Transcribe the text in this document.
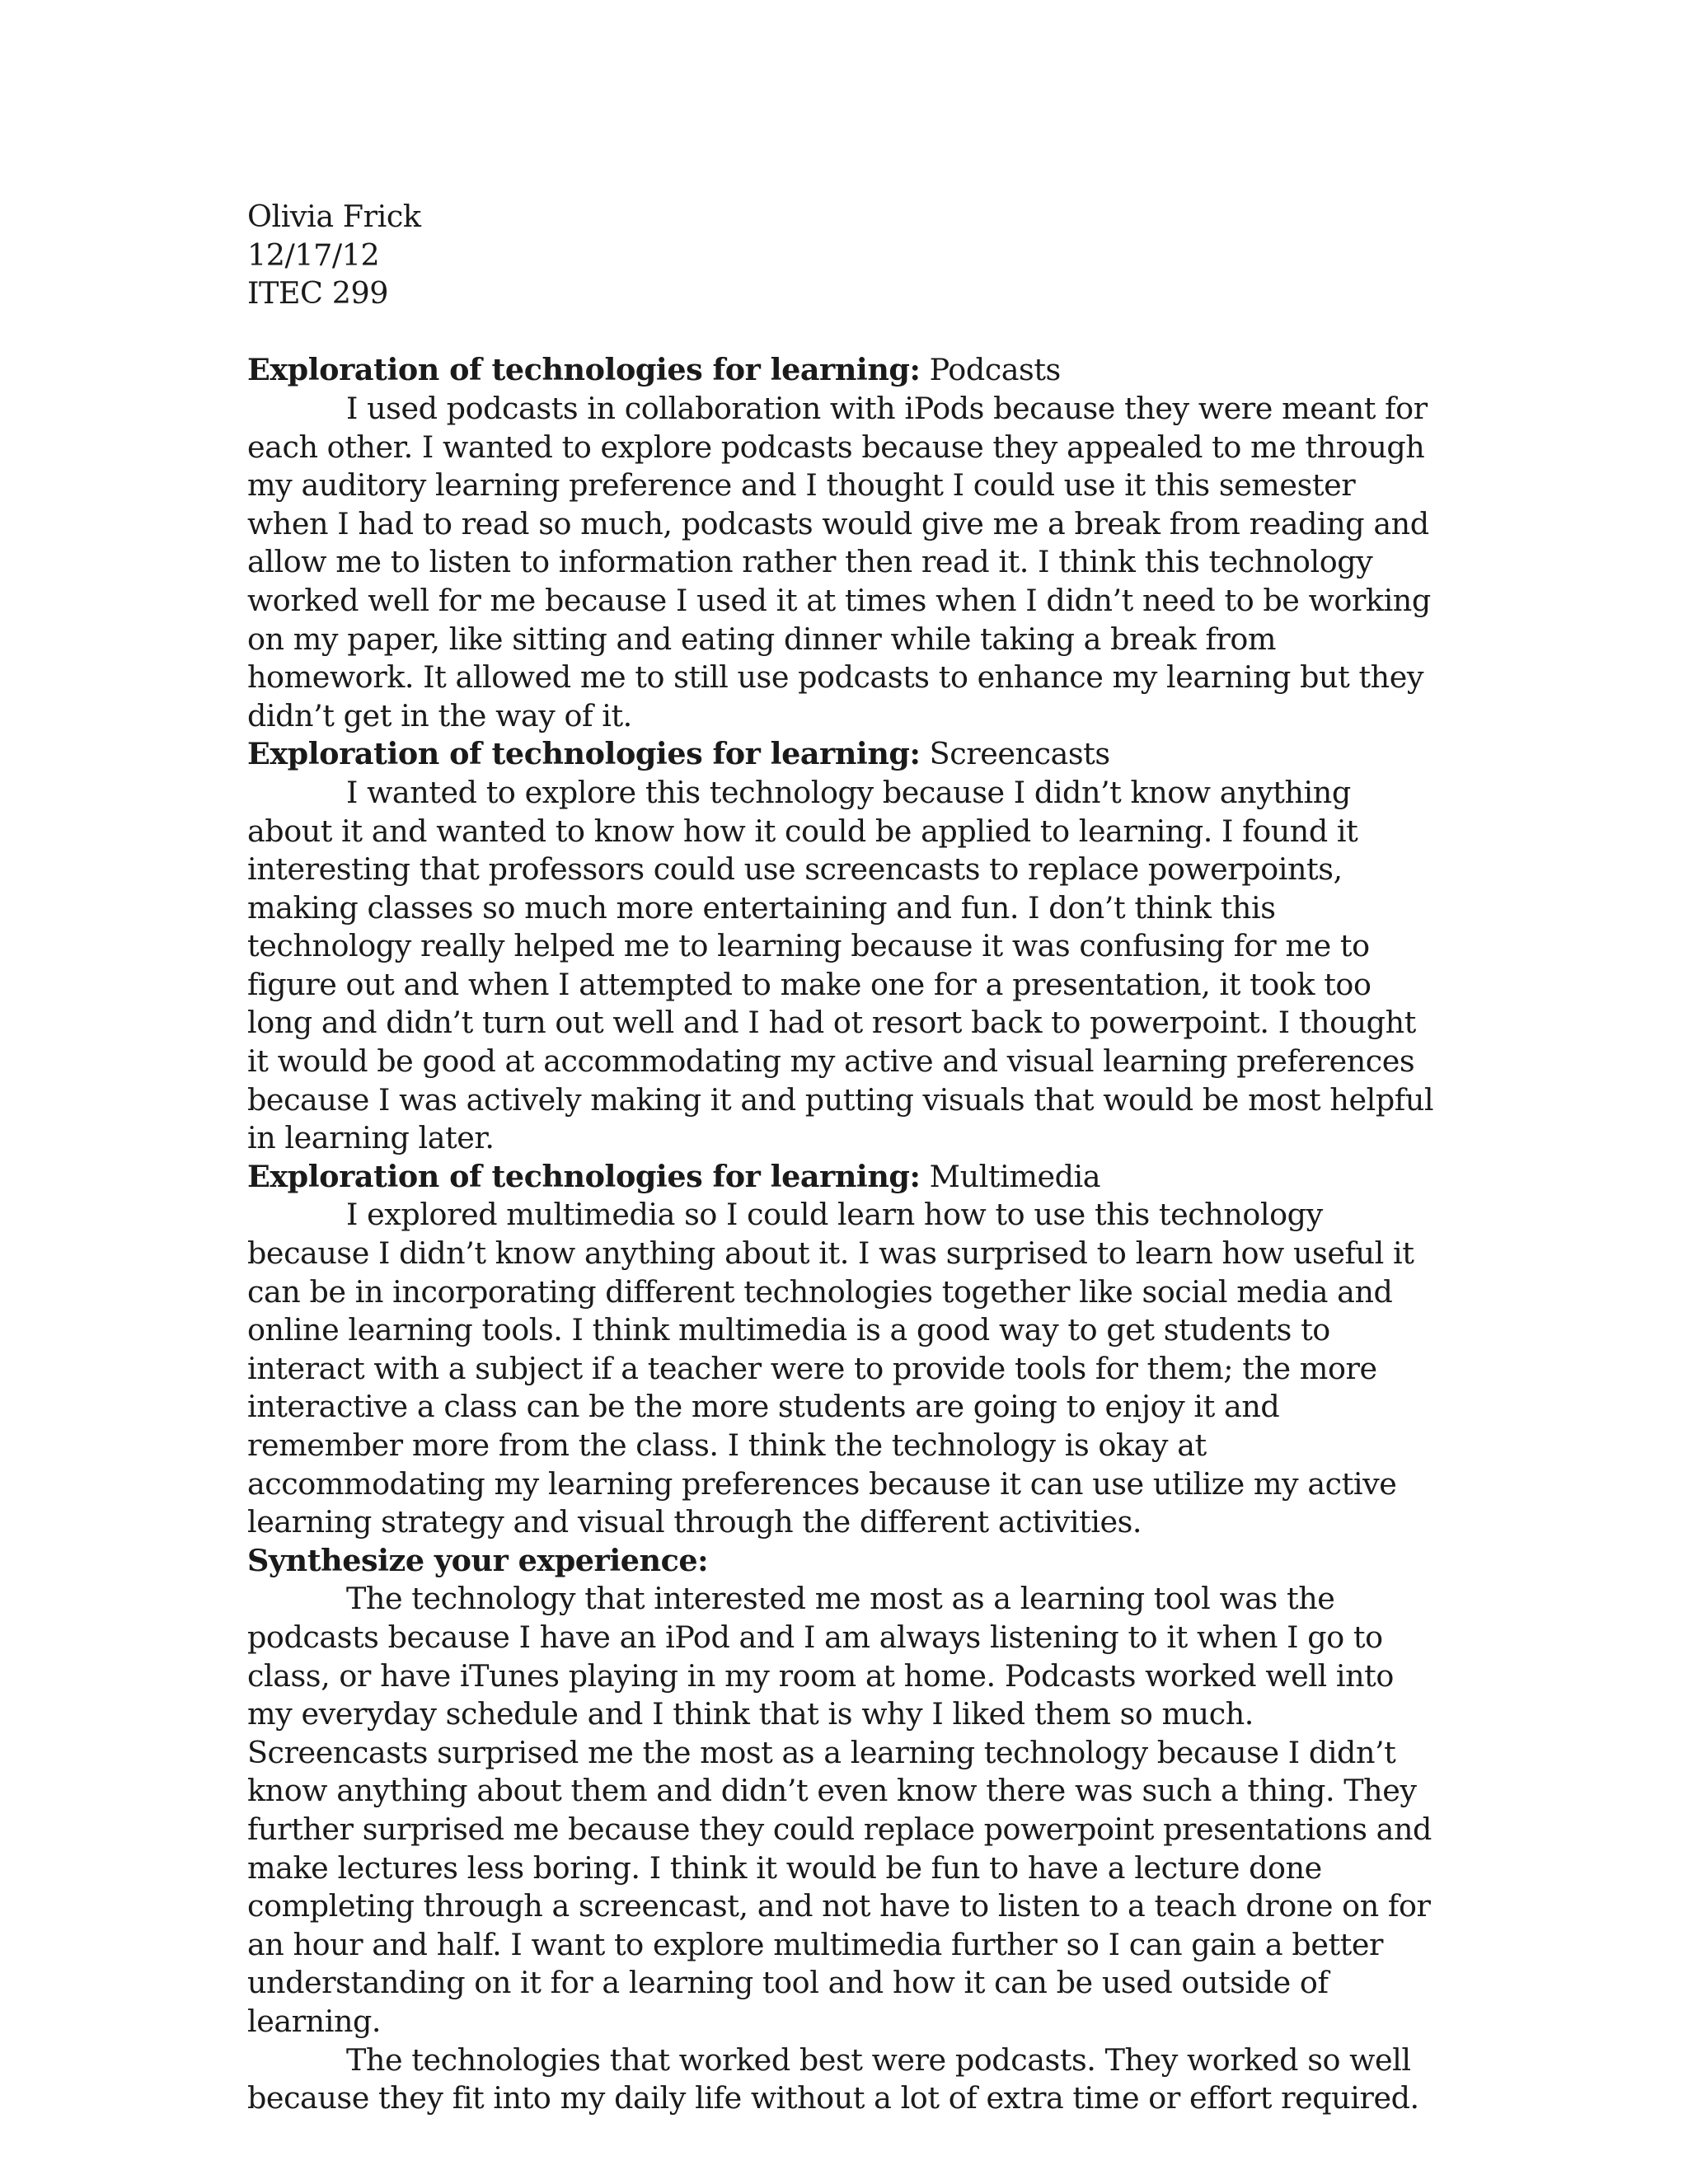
Olivia Frick
12/17/12
ITEC 299

Exploration of technologies for learning: Podcasts

I used podcasts in collaboration with iPods because they were meant for each other. I wanted to explore podcasts because they appealed to me through my auditory learning preference and I thought I could use it this semester when I had to read so much, podcasts would give me a break from reading and allow me to listen to information rather then read it. I think this technology worked well for me because I used it at times when I didn’t need to be working on my paper, like sitting and eating dinner while taking a break from homework. It allowed me to still use podcasts to enhance my learning but they didn’t get in the way of it.

Exploration of technologies for learning: Screencasts

I wanted to explore this technology because I didn’t know anything about it and wanted to know how it could be applied to learning. I found it interesting that professors could use screencasts to replace powerpoints, making classes so much more entertaining and fun. I don’t think this technology really helped me to learning because it was confusing for me to figure out and when I attempted to make one for a presentation, it took too long and didn’t turn out well and I had ot resort back to powerpoint. I thought it would be good at accommodating my active and visual learning preferences because I was actively making it and putting visuals that would be most helpful in learning later.

Exploration of technologies for learning: Multimedia

I explored multimedia so I could learn how to use this technology because I didn’t know anything about it. I was surprised to learn how useful it can be in incorporating different technologies together like social media and online learning tools. I think multimedia is a good way to get students to interact with a subject if a teacher were to provide tools for them; the more interactive a class can be the more students are going to enjoy it and remember more from the class. I think the technology is okay at accommodating my learning preferences because it can use utilize my active learning strategy and visual through the different activities.

Synthesize your experience:

The technology that interested me most as a learning tool was the podcasts because I have an iPod and I am always listening to it when I go to class, or have iTunes playing in my room at home. Podcasts worked well into my everyday schedule and I think that is why I liked them so much. Screencasts surprised me the most as a learning technology because I didn’t know anything about them and didn’t even know there was such a thing. They further surprised me because they could replace powerpoint presentations and make lectures less boring. I think it would be fun to have a lecture done completing through a screencast, and not have to listen to a teach drone on for an hour and half. I want to explore multimedia further so I can gain a better understanding on it for a learning tool and how it can be used outside of learning.

The technologies that worked best were podcasts. They worked so well because they fit into my daily life without a lot of extra time or effort required.
